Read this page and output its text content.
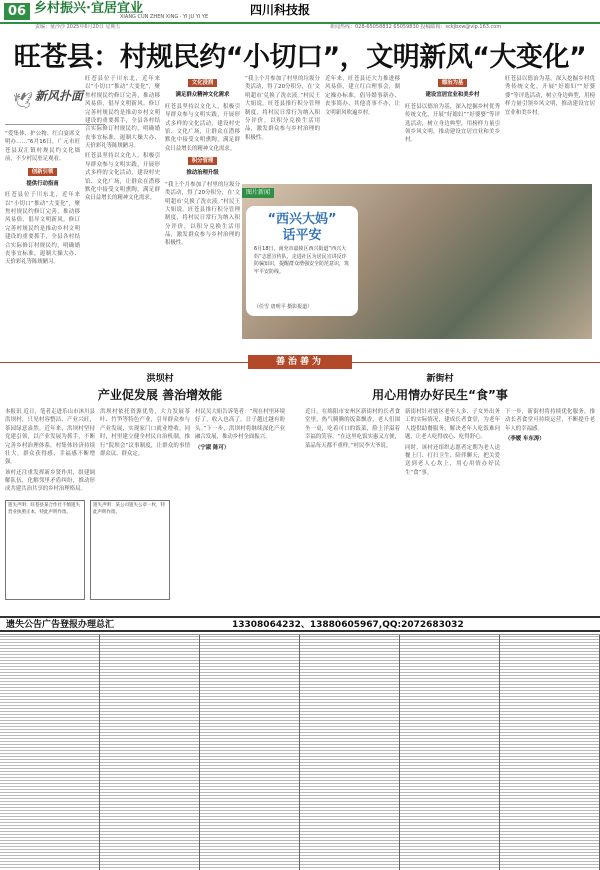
06 乡村振兴·宜居宜业
XIANG CUN ZHEN XING · YI JU YI YE	四川科技报
责编：童沙沙 2025年6月20日 星期五	新闻热线：028-65058832 65059830 投稿邮箱：sckjbxw@vip.163.com
旺苍县：村规民约“小切口”，文明新风“大变化”
🕊 新风扑面

“爱集体、护公物、红白宴席文明办……”6月16日，广元市旺苍县双汇镇村规民约文化墙前，不少村民驻足观看。

创新引领
提供行动指南

旺苍县位于川东北，近年来以“小切口”推动“大变化”，聚焦村规民约修订完善，推动移风易俗，倡导文明新风。修订完善村规民约是推动乡村文明建设的重要抓手，全县各村结合实际修订村规民约，明确婚丧事宜标准，遏制大操大办、天价彩礼等陈规陋习。

旺苍县位于川东北，近年来以“小切口”推动“大变化”，聚焦村规民约修订完善，推动移风易俗，倡导文明新风。修订完善村规民约是推动乡村文明建设的重要抓手，全县各村结合实际修订村规民约，明确婚丧事宜标准，遏制大操大办、天价彩礼等陈规陋习。

旺苍县坚持以文化人，积极引导群众参与文明实践，开展形式多样的文化活动，建设村史馆、文化广场，让群众在潜移默化中接受文明熏陶，满足群众日益增长的精神文化需求。

文化浸润
满足群众精神文化需求

旺苍县坚持以文化人，积极引导群众参与文明实践，开展形式多样的文化活动，建设村史馆、文化广场，让群众在潜移默化中接受文明熏陶，满足群众日益增长的精神文化需求。

积分管理
推动治理升级

“我上个月参加了村里的垃圾分类活动，得了20分积分，在‘文明超市’兑换了洗衣液。”村民王大姐说。旺苍县推行积分管理制度，将村民日常行为纳入积分评价，以积分兑换生活用品，激发群众参与乡村治理的积极性。

“我上个月参加了村里的垃圾分类活动，得了20分积分，在‘文明超市’兑换了洗衣液。”村民王大姐说。旺苍县推行积分管理制度，将村民日常行为纳入积分评价，以积分兑换生活用品，激发群众参与乡村治理的积极性。

近年来，旺苍县还大力推进移风易俗，建立红白理事会，制定操办标准，倡导婚事新办、丧事简办、其他喜事不办，让文明新风吹遍乡村。

德治为基
建设宜居宜业和美乡村

旺苍县以德治为基，深入挖掘乡村优秀传统文化，开展“好媳妇”“好婆婆”等评选活动，树立身边典型，用榜样力量引领乡风文明，推动建设宜居宜业和美乡村。

旺苍县以德治为基，深入挖掘乡村优秀传统文化，开展“好媳妇”“好婆婆”等评选活动，树立身边典型，用榜样力量引领乡风文明，推动建设宜居宜业和美乡村。

图片新闻
“西兴大妈”
话平安
6月18日，南充市嘉陵区西兴街道“西兴大妈”志愿宣传队，走进社区为居民宣讲反诈防骗知识，提醒群众增强安全防范意识，筑牢平安防线。
（任雪 唐明平 摄影报道）
善治善为
洪坝村
产业促发展 善治增效能
新街村
用心用情办好民生“食”事

本报讯 近日，笔者走进乐山市沐川县洪坝村，只见村容整洁、产业兴旺，茶园绿意盎然。近年来，洪坝村坚持党建引领，以产业发展为抓手，不断完善乡村治理体系，村集体经济持续壮大，群众获得感、幸福感不断增强。

该村还注重发挥新乡贤作用，组建调解队伍，化解邻里矛盾纠纷，推动形成共建共治共享的乡村治理格局。

洪坝村依托资源优势，大力发展茶叶、竹笋等特色产业，引导群众参与产业发展，实现家门口就业增收。同时，村里建立健全村民自治机制，推行“院坝会”议事制度，让群众的事情群众议、群众定。

村民吴大姐告诉笔者：“现在村里环境好了，收入也高了，日子越过越有盼头。”下一步，洪坝村将继续深化产业融合发展，推动乡村全面振兴。

（宁淑 陈可）

遗失声明：旺苍县某合作社不慎遗失营业执照正本，特此声明作废。
遗失声明：某公司遗失公章一枚，特此声明作废。

近日，在绵阳市安州区新街村的长者食堂里，热气腾腾的饭菜飘香，老人们围坐一桌，吃着可口的饭菜，脸上洋溢着幸福的笑容。“在这里吃饭实惠又方便，菜品每天都不重样。”村民李大爷说。

新街村针对辖区老年人多、子女外出务工的实际情况，建成长者食堂，为老年人提供助餐服务，解决老年人吃饭难问题，让老人吃得放心、吃得舒心。

同时，该村还组织志愿者定期为老人送餐上门、打扫卫生、陪伴聊天，把关爱送到老人心坎上，用心用情办好民生“食”事。

下一步，新街村将持续优化服务，推动长者食堂可持续运营，不断提升老年人的幸福感。

（李媛 车东涛）

遗失公告广告登报办理总汇	13308064232、13880605967,QQ:2072683032
